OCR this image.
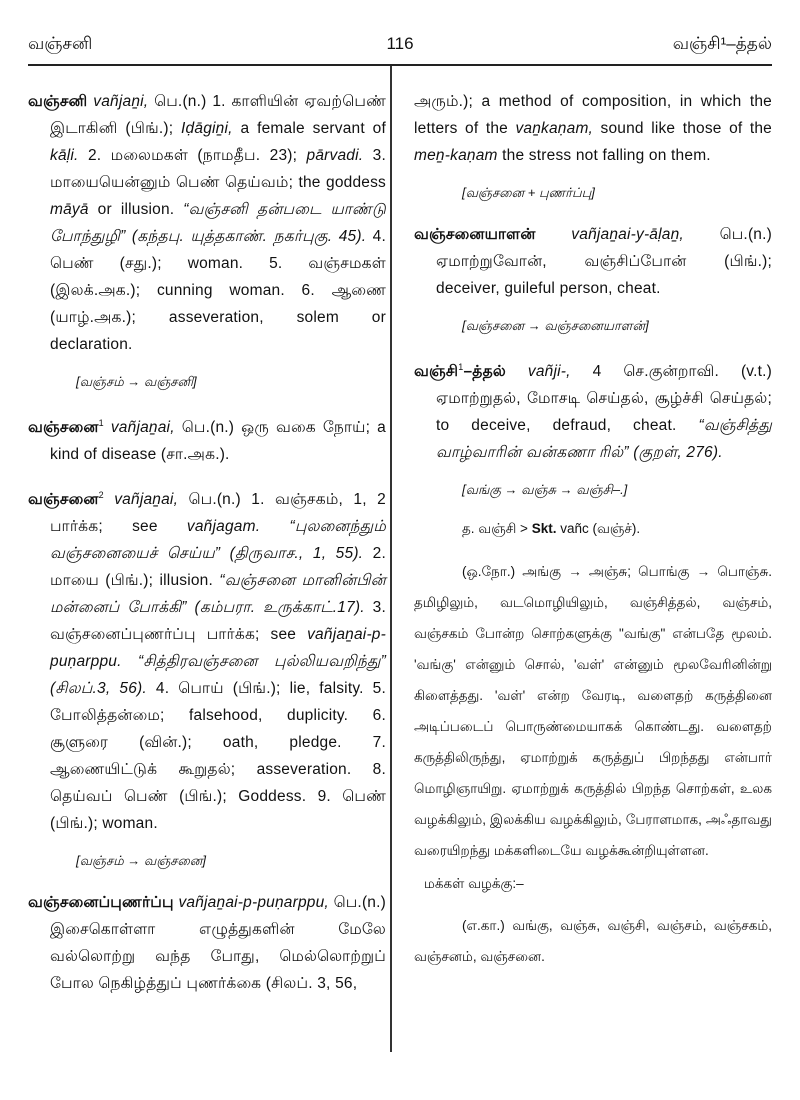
வஞ்சனி	116	வஞ்சி¹–த்தல்

வஞ்சனி vañjaṉi, பெ.(n.) 1. காளியின் ஏவற்பெண் இடாகினி (பிங்.); Iḍāgiṉi, a female servant of kāḷi. 2. மலைமகள் (நாமதீப. 23); pārvadi. 3. மாயையென்னும் பெண் தெய்வம்; the goddess māyā or illusion. “வஞ்சனி தன்படை யாண்டு போந்துழி” (கந்தபு. யுத்தகாண். நகர்புகு. 45). 4. பெண் (சது.); woman. 5. வஞ்சமகள் (இலக்.அக.); cunning woman. 6. ஆணை (யாழ்.அக.); asseveration, solem or declaration.

[வஞ்சம் → வஞ்சனி]

வஞ்சனை$^1$ vañjaṉai, பெ.(n.) ஒரு வகை நோய்; a kind of disease (சா.அக.).

வஞ்சனை$^2$ vañjaṉai, பெ.(n.) 1. வஞ்சகம், 1, 2 பார்க்க; see vañjagam. “புலனைந்தும் வஞ்சனையைச் செய்ய” (திருவாச., 1, 55). 2. மாயை (பிங்.); illusion. “வஞ்சனை மானின்பின் மன்னைப் போக்கி” (கம்பரா. உருக்காட்.17). 3. வஞ்சனைப்புணர்ப்பு பார்க்க; see vañjaṉai-p-puṇarppu. “சித்திரவஞ்சனை புல்லியவறிந்து” (சிலப்.3, 56). 4. பொய் (பிங்.); lie, falsity. 5. போலித்தன்மை; falsehood, duplicity. 6. சூளுரை (வின்.); oath, pledge. 7. ஆணையிட்டுக் கூறுதல்; asseveration. 8. தெய்வப் பெண் (பிங்.); Goddess. 9. பெண் (பிங்.); woman.

[வஞ்சம் → வஞ்சனை]

வஞ்சனைப்புணர்ப்பு vañjaṉai-p-puṇarppu, பெ.(n.) இசைகொள்ளா எழுத்துகளின் மேலே வல்லொற்று வந்த போது, மெல்லொற்றுப் போல நெகிழ்த்துப் புணர்க்கை (சிலப். 3, 56,

அரும்.); a method of composition, in which the letters of the vaṉkaṇam, sound like those of the meṉ-kaṇam the stress not falling on them.

[வஞ்சனை + புணர்ப்பு]

வஞ்சனையாளன் vañjaṉai-y-āḷaṉ, பெ.(n.) ஏமாற்றுவோன், வஞ்சிப்போன் (பிங்.); deceiver, guileful person, cheat.

[வஞ்சனை → வஞ்சனையாளன்]

வஞ்சி$^1$–த்தல் vañji-, 4 செ.குன்றாவி. (v.t.) ஏமாற்றுதல், மோசடி செய்தல், சூழ்ச்சி செய்தல்; to deceive, defraud, cheat. “வஞ்சித்து வாழ்வாரின் வன்கணா ரில்” (குறள், 276).

[வங்கு → வஞ்சு → வஞ்சி–.]

த. வஞ்சி > Skt. vañc (வஞ்ச்).

(ஒ.நோ.) அங்கு → அஞ்சு; பொங்கு → பொஞ்சு. தமிழிலும், வடமொழியிலும், வஞ்சித்தல், வஞ்சம், வஞ்சகம் போன்ற சொற்களுக்கு "வங்கு" என்பதே மூலம். 'வங்கு' என்னும் சொல், 'வள்' என்னும் மூலவேரினின்று கிளைத்தது. 'வள்' என்ற வேரடி, வளைதற் கருத்தினை அடிப்படைப் பொருண்மையாகக் கொண்டது. வளைதற் கருத்திலிருந்து, ஏமாற்றுக் கருத்துப் பிறந்தது என்பார் மொழிஞாயிறு. ஏமாற்றுக் கருத்தில் பிறந்த சொற்கள், உலக வழக்கிலும், இலக்கிய வழக்கிலும், பேராளமாக, அஃதாவது வரையிறந்து மக்களிடையே வழக்கூன்றியுள்ளன.

மக்கள் வழக்கு:–

(எ.கா.) வங்கு, வஞ்சு, வஞ்சி, வஞ்சம், வஞ்சகம், வஞ்சனம், வஞ்சனை.
